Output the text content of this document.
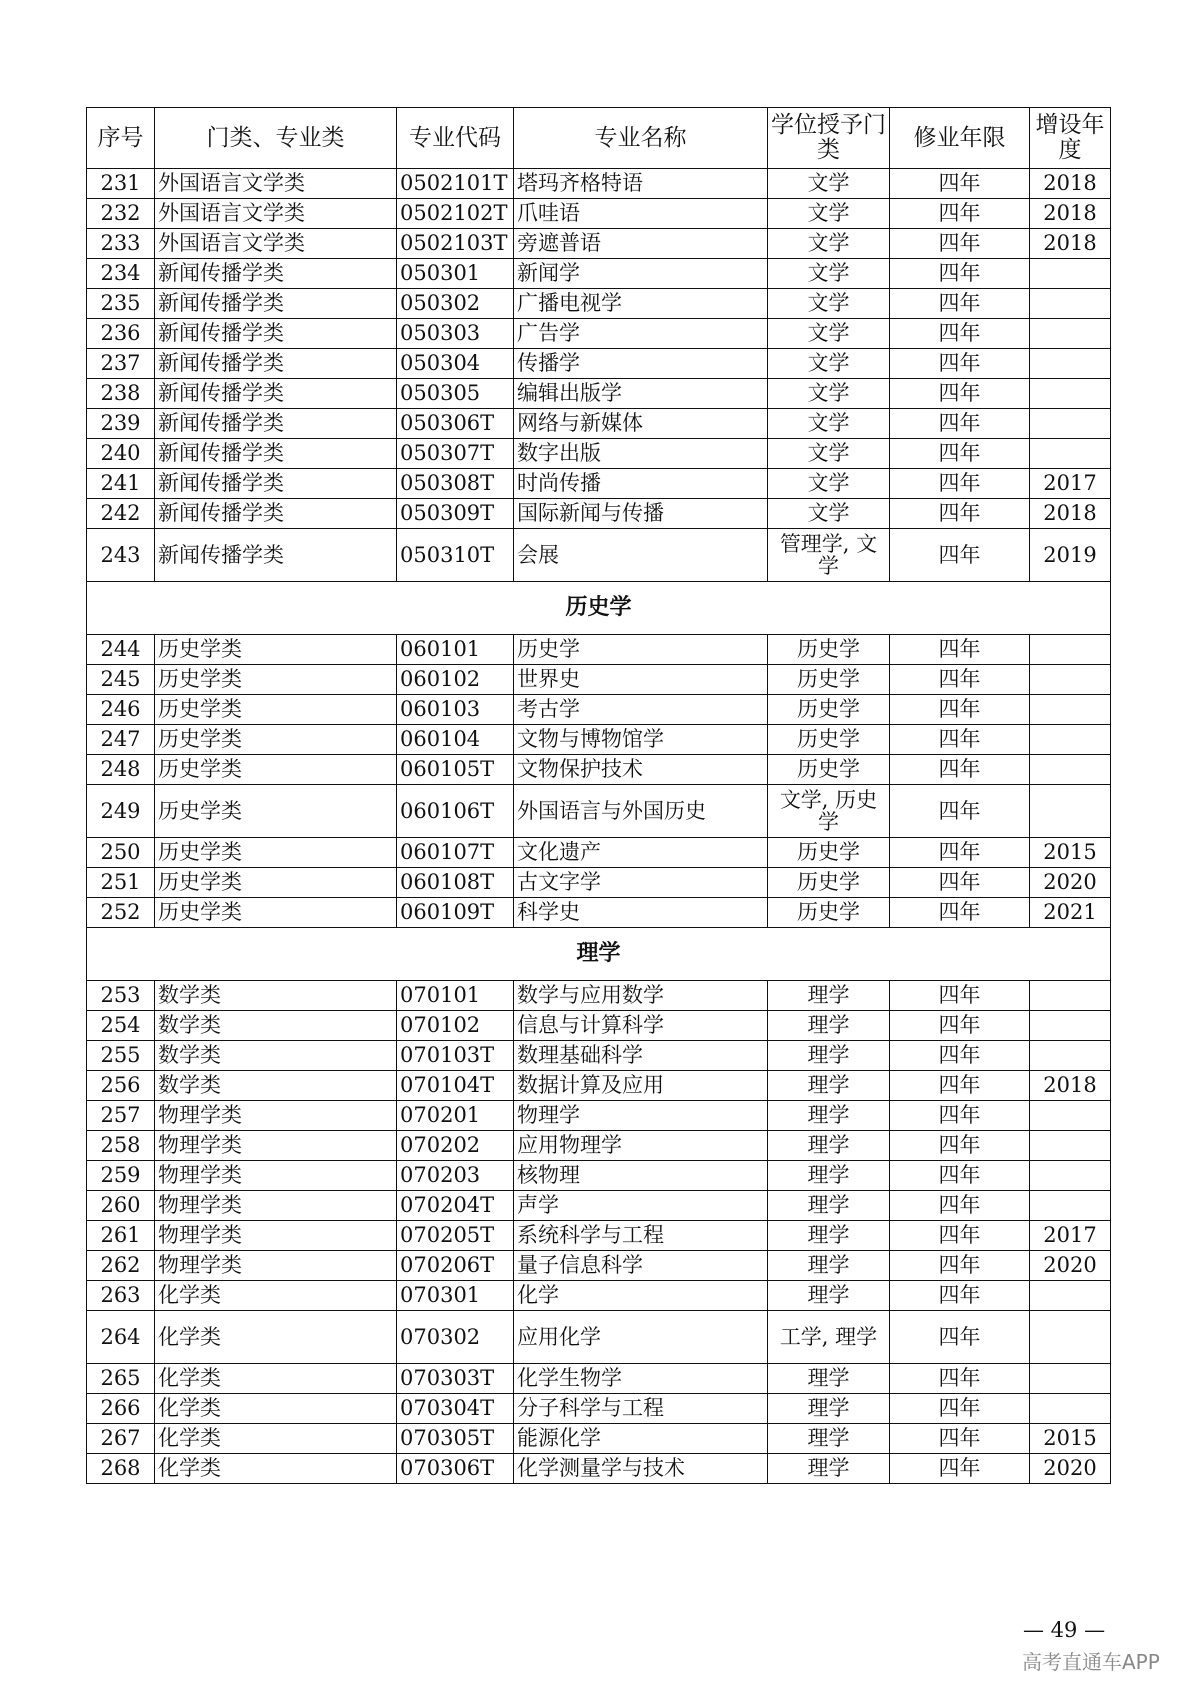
序号	门类、专业类	专业代码	专业名称	学位授予门类	修业年限	增设年度
231	外国语言文学类	0502101T	塔玛齐格特语	文学	四年	2018
232	外国语言文学类	0502102T	爪哇语	文学	四年	2018
233	外国语言文学类	0502103T	旁遮普语	文学	四年	2018
234	新闻传播学类	050301	新闻学	文学	四年	
235	新闻传播学类	050302	广播电视学	文学	四年	
236	新闻传播学类	050303	广告学	文学	四年	
237	新闻传播学类	050304	传播学	文学	四年	
238	新闻传播学类	050305	编辑出版学	文学	四年	
239	新闻传播学类	050306T	网络与新媒体	文学	四年	
240	新闻传播学类	050307T	数字出版	文学	四年	
241	新闻传播学类	050308T	时尚传播	文学	四年	2017
242	新闻传播学类	050309T	国际新闻与传播	文学	四年	2018
243	新闻传播学类	050310T	会展	管理学, 文学	四年	2019
历史学						
244	历史学类	060101	历史学	历史学	四年	
245	历史学类	060102	世界史	历史学	四年	
246	历史学类	060103	考古学	历史学	四年	
247	历史学类	060104	文物与博物馆学	历史学	四年	
248	历史学类	060105T	文物保护技术	历史学	四年	
249	历史学类	060106T	外国语言与外国历史	文学, 历史学	四年	
250	历史学类	060107T	文化遗产	历史学	四年	2015
251	历史学类	060108T	古文字学	历史学	四年	2020
252	历史学类	060109T	科学史	历史学	四年	2021
理学						
253	数学类	070101	数学与应用数学	理学	四年	
254	数学类	070102	信息与计算科学	理学	四年	
255	数学类	070103T	数理基础科学	理学	四年	
256	数学类	070104T	数据计算及应用	理学	四年	2018
257	物理学类	070201	物理学	理学	四年	
258	物理学类	070202	应用物理学	理学	四年	
259	物理学类	070203	核物理	理学	四年	
260	物理学类	070204T	声学	理学	四年	
261	物理学类	070205T	系统科学与工程	理学	四年	2017
262	物理学类	070206T	量子信息科学	理学	四年	2020
263	化学类	070301	化学	理学	四年	
264	化学类	070302	应用化学	工学, 理学	四年	
265	化学类	070303T	化学生物学	理学	四年	
266	化学类	070304T	分子科学与工程	理学	四年	
267	化学类	070305T	能源化学	理学	四年	2015
268	化学类	070306T	化学测量学与技术	理学	四年	2020
— 49 —
高考直通车APP
